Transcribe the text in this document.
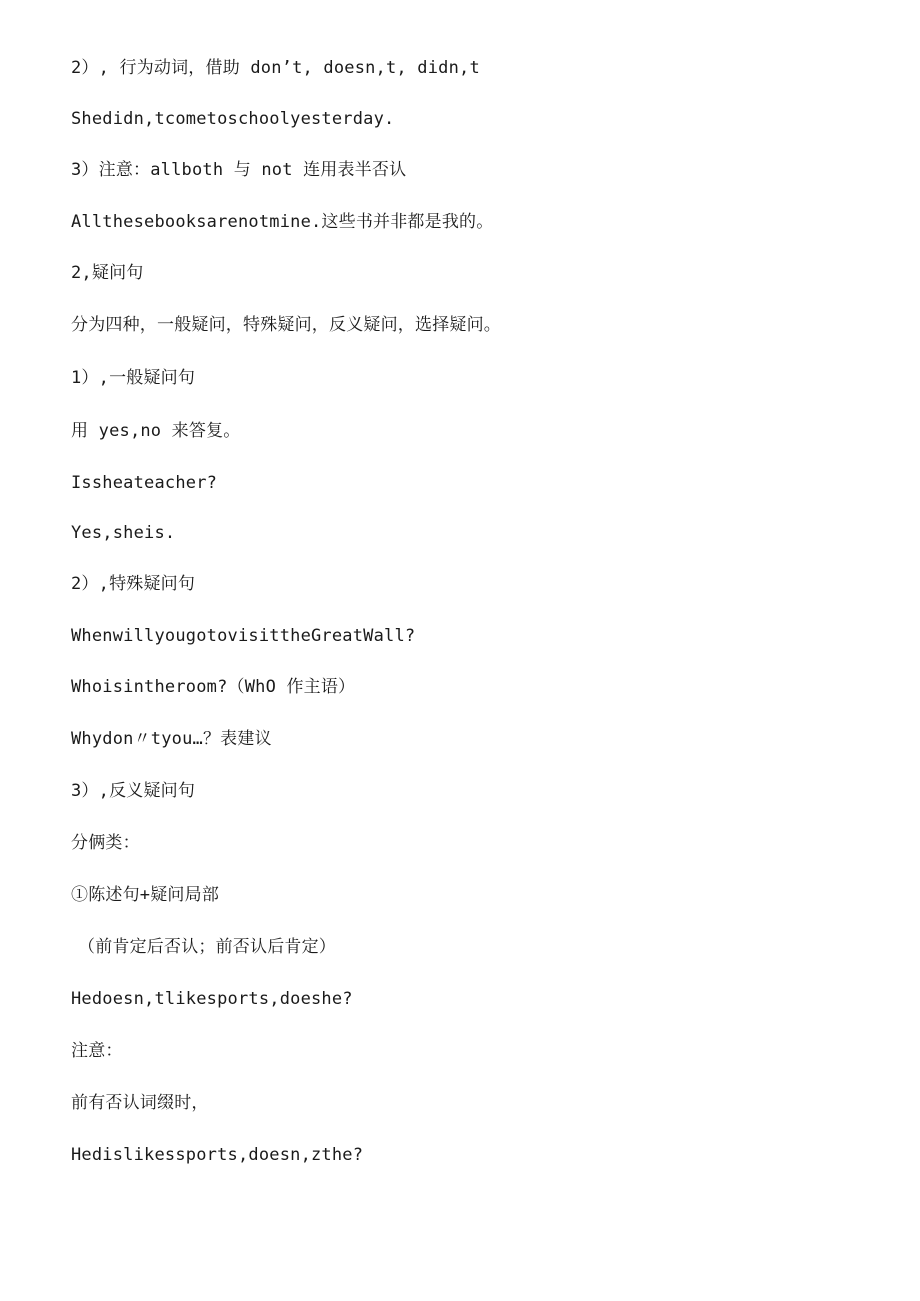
2）, 行为动词，借助 don’t, doesn,t, didn,t

Shedidn,tcometoschoolyesterday.

3）注意：allboth 与 not 连用表半否认

Allthesebooksarenotmine.这些书并非都是我的。

2,疑问句

分为四种，一般疑问，特殊疑问，反义疑问，选择疑问。

1）,一般疑问句

用 yes,no 来答复。

Issheateacher?

Yes,sheis.

2）,特殊疑问句

WhenwillyougotovisittheGreatWall?

Whoisintheroom?（WhO 作主语）

Whydon〃tyou…？表建议

3）,反义疑问句

分俩类：

①陈述句+疑问局部

（前肯定后否认；前否认后肯定）

Hedoesn,tlikesports,doeshe?

注意：

前有否认词缀时，

Hedislikessports,doesn,zthe?
